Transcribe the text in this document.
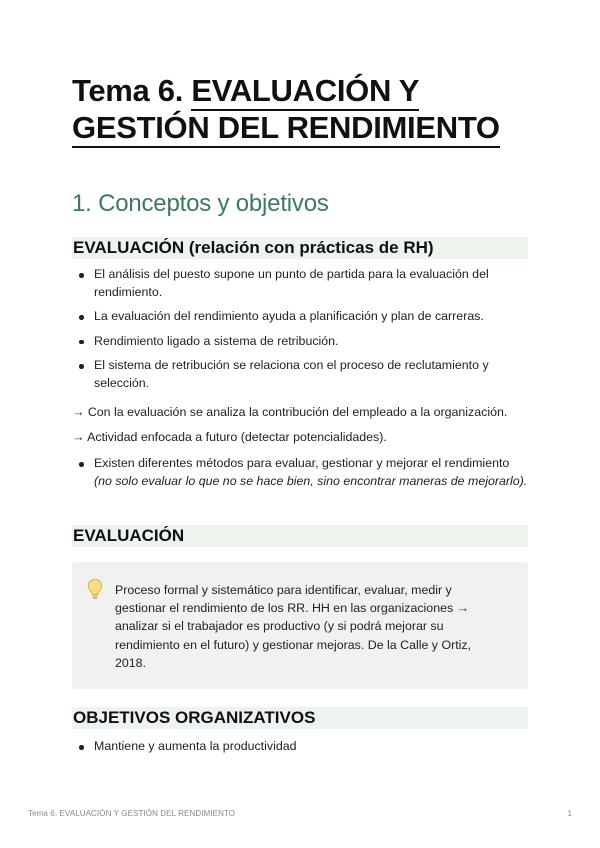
Tema 6. EVALUACIÓN Y
GESTIÓN DEL RENDIMIENTO
1. Conceptos y objetivos
EVALUACIÓN (relación con prácticas de RH)
El análisis del puesto supone un punto de partida para la evaluación del rendimiento.
La evaluación del rendimiento ayuda a planificación y plan de carreras.
Rendimiento ligado a sistema de retribución.
El sistema de retribución se relaciona con el proceso de reclutamiento y selección.

→ Con la evaluación se analiza la contribución del empleado a la organización.

→ Actividad enfocada a futuro (detectar potencialidades).

Existen diferentes métodos para evaluar, gestionar y mejorar el rendimiento (no solo evaluar lo que no se hace bien, sino encontrar maneras de mejorarlo).
EVALUACIÓN

Proceso formal y sistemático para identificar, evaluar, medir y gestionar el rendimiento de los RR. HH en las organizaciones → analizar si el trabajador es productivo (y si podrá mejorar su rendimiento en el futuro) y gestionar mejoras. De la Calle y Ortiz, 2018.

OBJETIVOS ORGANIZATIVOS
Mantiene y aumenta la productividad
Tema 6. EVALUACIÓN Y GESTIÓN DEL RENDIMIENTO	1
